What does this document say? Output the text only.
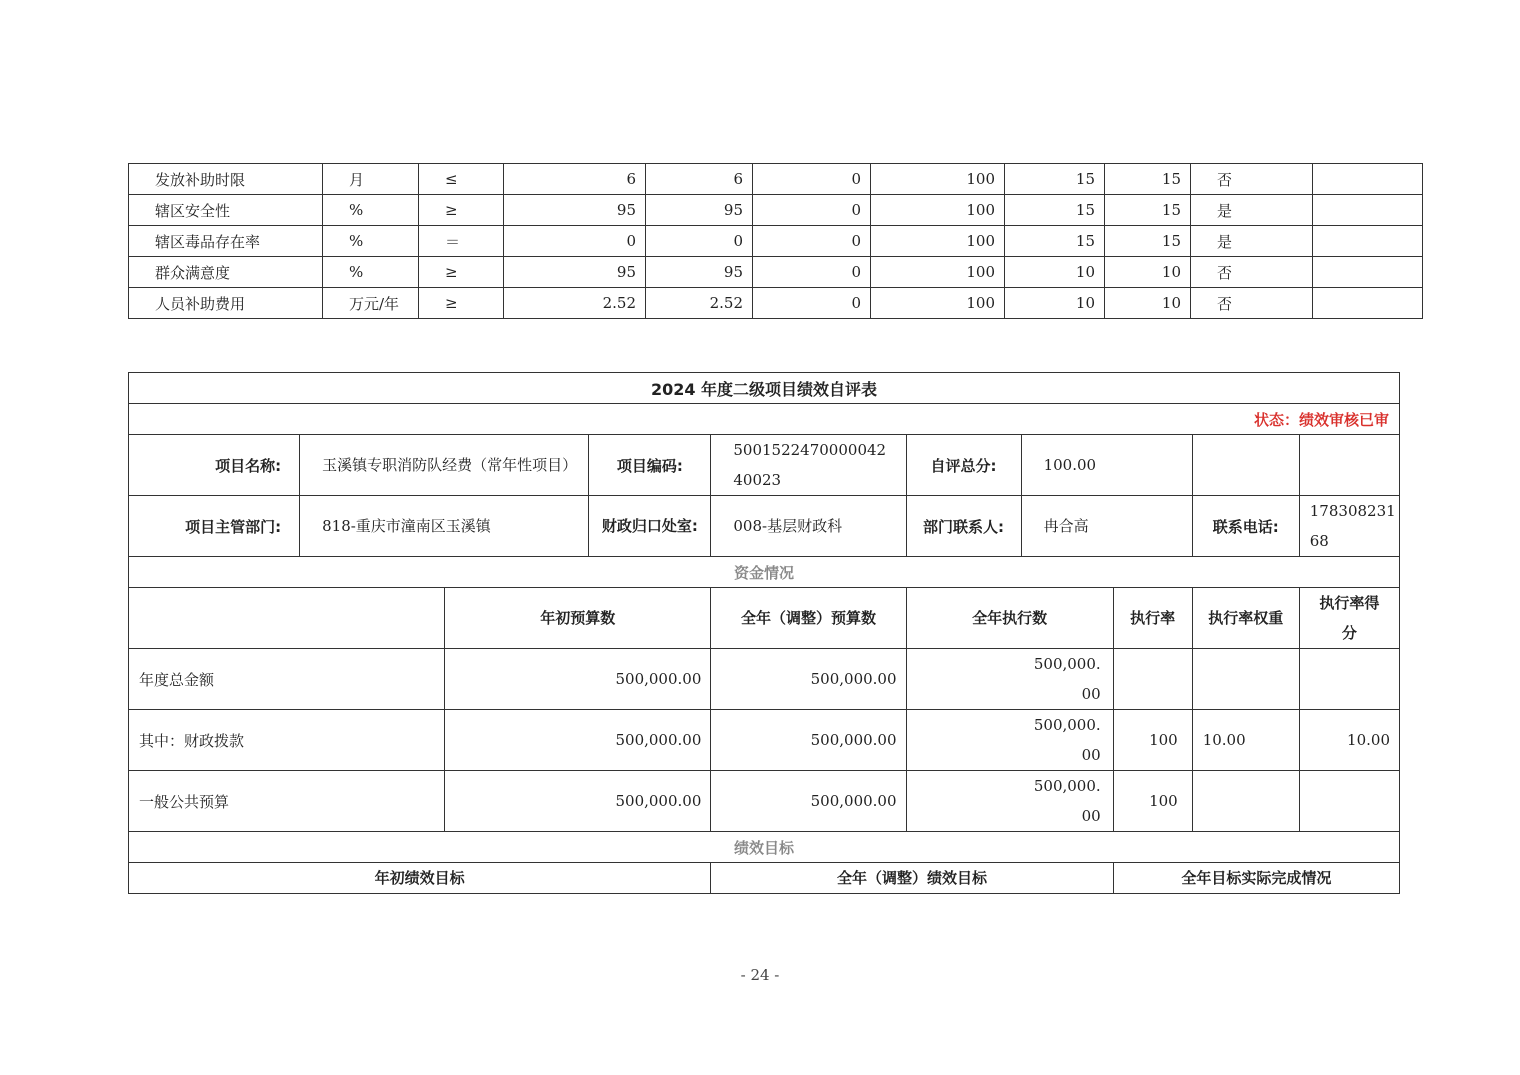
发放补助时限	月	≤	6	6	0	100	15	15	否	
辖区安全性	%	≥	95	95	0	100	15	15	是	
辖区毒品存在率	%	＝	0	0	0	100	15	15	是	
群众满意度	%	≥	95	95	0	100	10	10	否	
人员补助费用	万元/年	≥	2.52	2.52	0	100	10	10	否	
2024 年度二级项目绩效自评表									
状态：绩效审核已审									
项目名称:	玉溪镇专职消防队经费（常年性项目）		项目编码:	500152247000004240023	自评总分:	100.00			
项目主管部门:	818-重庆市潼南区玉溪镇		财政归口处室:	008-基层财政科	部门联系人:	冉合高		联系电话:	17830823168
资金情况									
		年初预算数		全年（调整）预算数	全年执行数		执行率	执行率权重	执行率得分
年度总金额		500,000.00		500,000.00	500,000.00				
其中：财政拨款		500,000.00		500,000.00	500,000.00		100	10.00	10.00
一般公共预算		500,000.00		500,000.00	500,000.00		100		
绩效目标									
年初绩效目标				全年（调整）绩效目标			全年目标实际完成情况		
- 24 -
